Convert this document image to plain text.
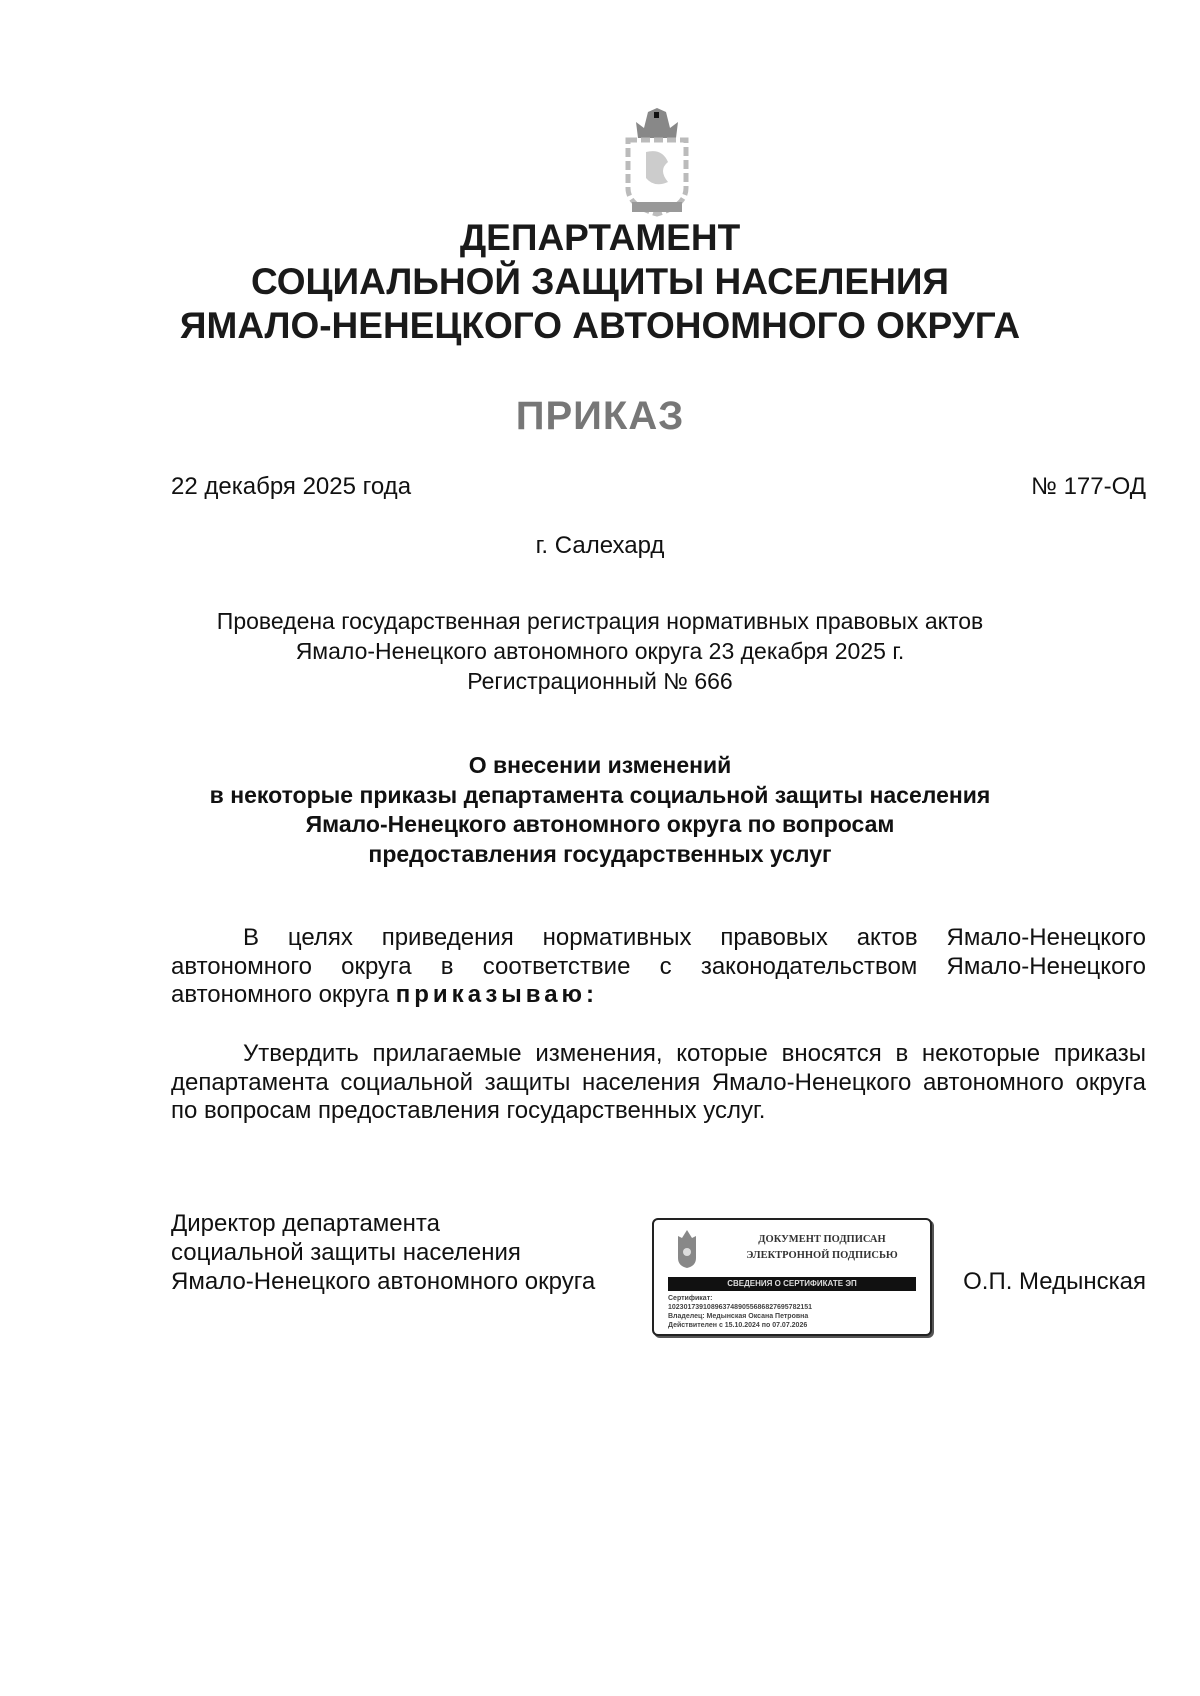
ДЕПАРТАМЕНТ
СОЦИАЛЬНОЙ ЗАЩИТЫ НАСЕЛЕНИЯ
ЯМАЛО-НЕНЕЦКОГО АВТОНОМНОГО ОКРУГА
ПРИКАЗ
22 декабря 2025 года	№ 177-ОД
г. Салехард
Проведена государственная регистрация нормативных правовых актов
Ямало-Ненецкого автономного округа 23 декабря 2025 г.
Регистрационный № 666
О внесении изменений
в некоторые приказы департамента социальной защиты населения
Ямало-Ненецкого автономного округа по вопросам
предоставления государственных услуг

В целях приведения нормативных правовых актов Ямало-Ненецкого автономного округа в соответствие с законодательством Ямало-Ненецкого автономного округа приказываю:

Утвердить прилагаемые изменения, которые вносятся в некоторые приказы департамента социальной защиты населения Ямало-Ненецкого автономного округа по вопросам предоставления государственных услуг.

Директор департамента
социальной защиты населения
Ямало-Ненецкого автономного округа	О.П. Медынская
ДОКУМЕНТ ПОДПИСАН
ЭЛЕКТРОННОЙ ПОДПИСЬЮ
СВЕДЕНИЯ О СЕРТИФИКАТЕ ЭП
Сертификат:
1023017391089637489055686827695782151
Владелец: Медынская Оксана Петровна
Действителен с 15.10.2024 по 07.07.2026
